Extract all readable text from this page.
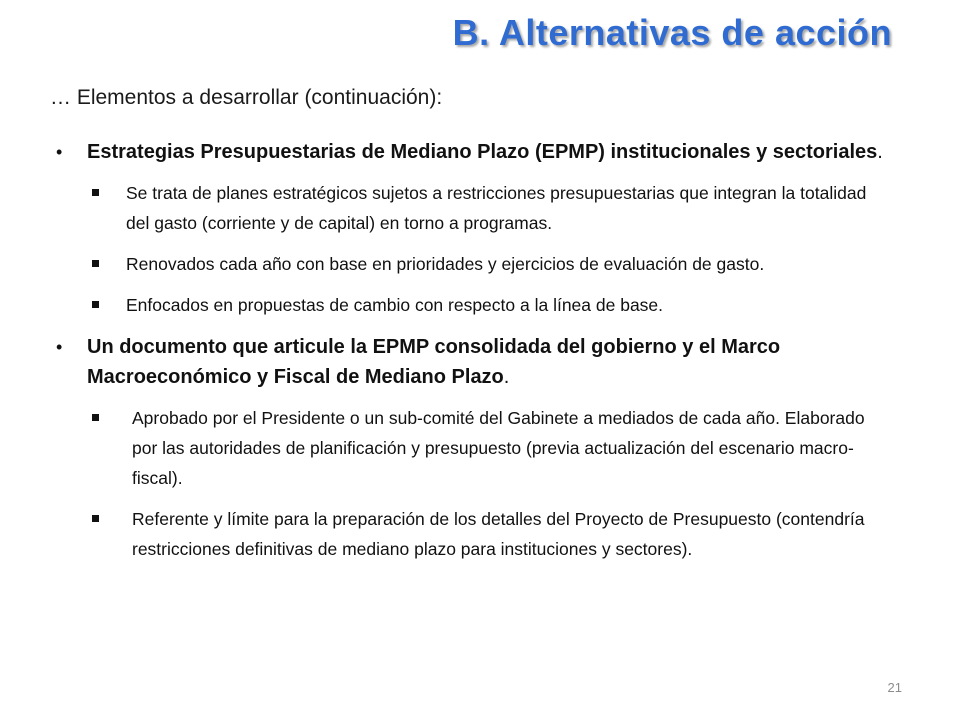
B. Alternativas de acción
… Elementos a desarrollar (continuación):
• Estrategias Presupuestarias de Mediano Plazo (EPMP) institucionales y sectoriales.
Se trata de planes estratégicos sujetos a restricciones presupuestarias que integran la totalidad del gasto (corriente y de capital) en torno a programas.
Renovados cada año con base en prioridades y ejercicios de evaluación de gasto.
Enfocados en propuestas de cambio con respecto a la línea de base.
• Un documento que articule la EPMP consolidada del gobierno y el Marco Macroeconómico y Fiscal de Mediano Plazo.
Aprobado por el Presidente o un sub-comité del Gabinete a mediados de cada año. Elaborado por las autoridades de planificación y presupuesto (previa actualización del escenario macro-fiscal).
Referente y límite para la preparación de los detalles del Proyecto de Presupuesto (contendría restricciones definitivas de mediano plazo para instituciones y sectores).
21
